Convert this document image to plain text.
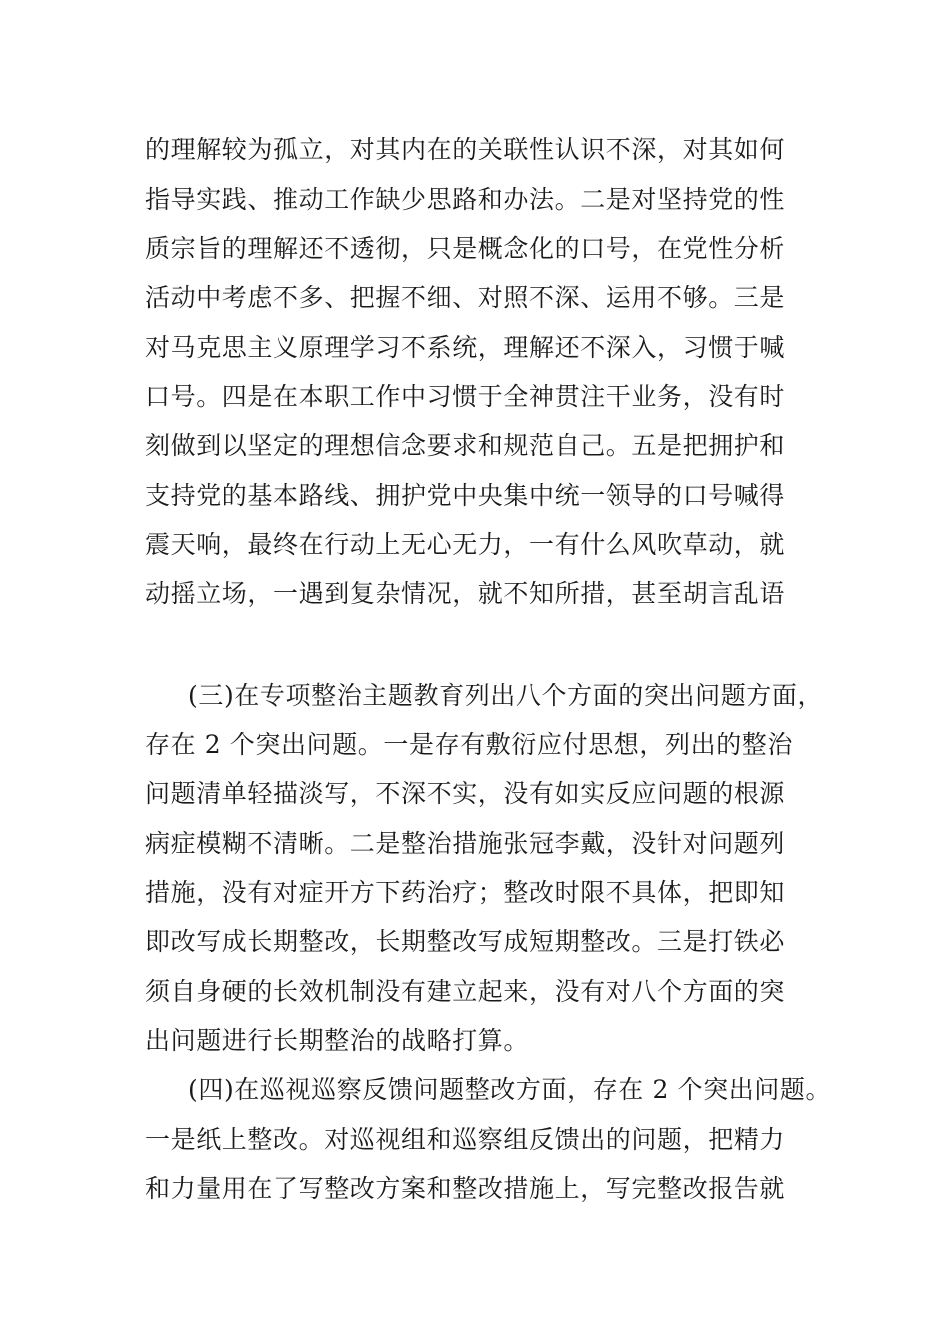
的理解较为孤立，对其内在的关联性认识不深，对其如何
指导实践、推动工作缺少思路和办法。二是对坚持党的性
质宗旨的理解还不透彻，只是概念化的口号，在党性分析
活动中考虑不多、把握不细、对照不深、运用不够。三是
对马克思主义原理学习不系统，理解还不深入，习惯于喊
口号。四是在本职工作中习惯于全神贯注干业务，没有时
刻做到以坚定的理想信念要求和规范自己。五是把拥护和
支持党的基本路线、拥护党中央集中统一领导的口号喊得
震天响，最终在行动上无心无力，一有什么风吹草动，就
动摇立场，一遇到复杂情况，就不知所措，甚至胡言乱语
(三)在专项整治主题教育列出八个方面的突出问题方面，
存在 2 个突出问题。一是存有敷衍应付思想，列出的整治
问题清单轻描淡写，不深不实，没有如实反应问题的根源
病症模糊不清晰。二是整治措施张冠李戴，没针对问题列
措施，没有对症开方下药治疗；整改时限不具体，把即知
即改写成长期整改，长期整改写成短期整改。三是打铁必
须自身硬的长效机制没有建立起来，没有对八个方面的突
出问题进行长期整治的战略打算。
(四)在巡视巡察反馈问题整改方面，存在 2 个突出问题。
一是纸上整改。对巡视组和巡察组反馈出的问题，把精力
和力量用在了写整改方案和整改措施上，写完整改报告就
